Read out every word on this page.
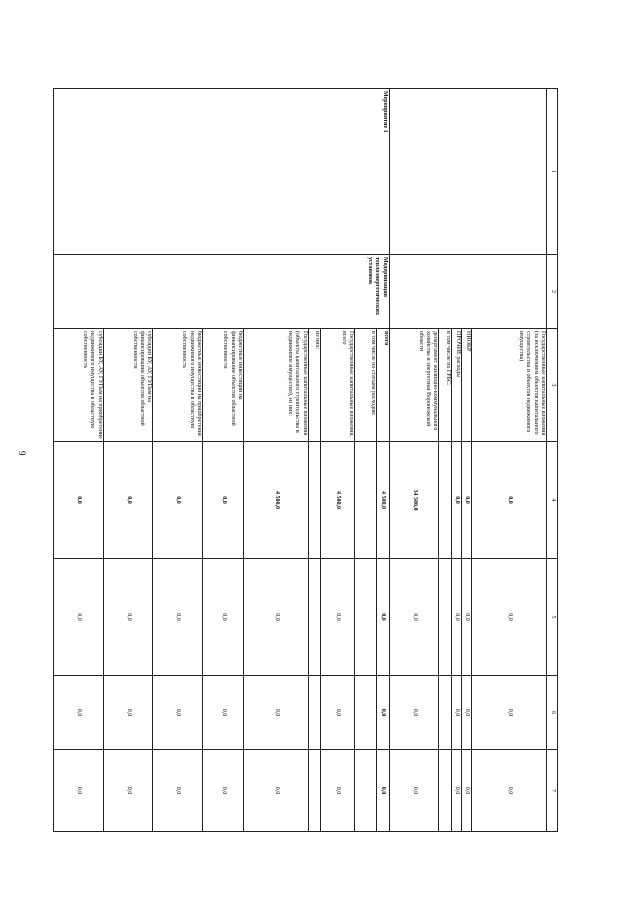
9
1	2	3	4	5	6	7
		Государственные капитальные вложения (за исключением объектов капитального строительства и объектов недвижимого имущества)	0,0	0,0	0,0	0,0
		НИОКР	0,0	0,0	0,0	0,0
		ПРОЧИЕ расходы	0,0	0,0	0,0	0,0
		в том числе по ГРБС:				
		департамент жилищно-коммунального хозяйства и энергетики Воронежской области	34 500,0	0,0	0,0	0,0
Мероприятие 1	Модернизация теплоэнергетических установок	всего	4 500,0	0,0	0,0	0,0
		в том числе по статьям расходов:				
		Государственные капитальные вложения, всего	4 500,0	0,0	0,0	0,0
		из них:				
		Государственные капитальные вложения (объекты капитального строительства и недвижимое имущество), из них:	4 500,0	0,0	0,0	0,0
		бюджетные инвестиции на финансирование объектов областной собственности	0,0	0,0	0,0	0,0
		бюджетные инвестиции на приобретение недвижимого имущества в областную собственность	0,0	0,0	0,0	0,0
		субсидии БУ, АУ, ГУПам на финансирование объектов областной собственности	0,0	0,0	0,0	0,0
		субсидии БУ, АУ, ГУПам на приобретение недвижимого имущества в областную собственность	0,0	0,0	0,0	0,0
